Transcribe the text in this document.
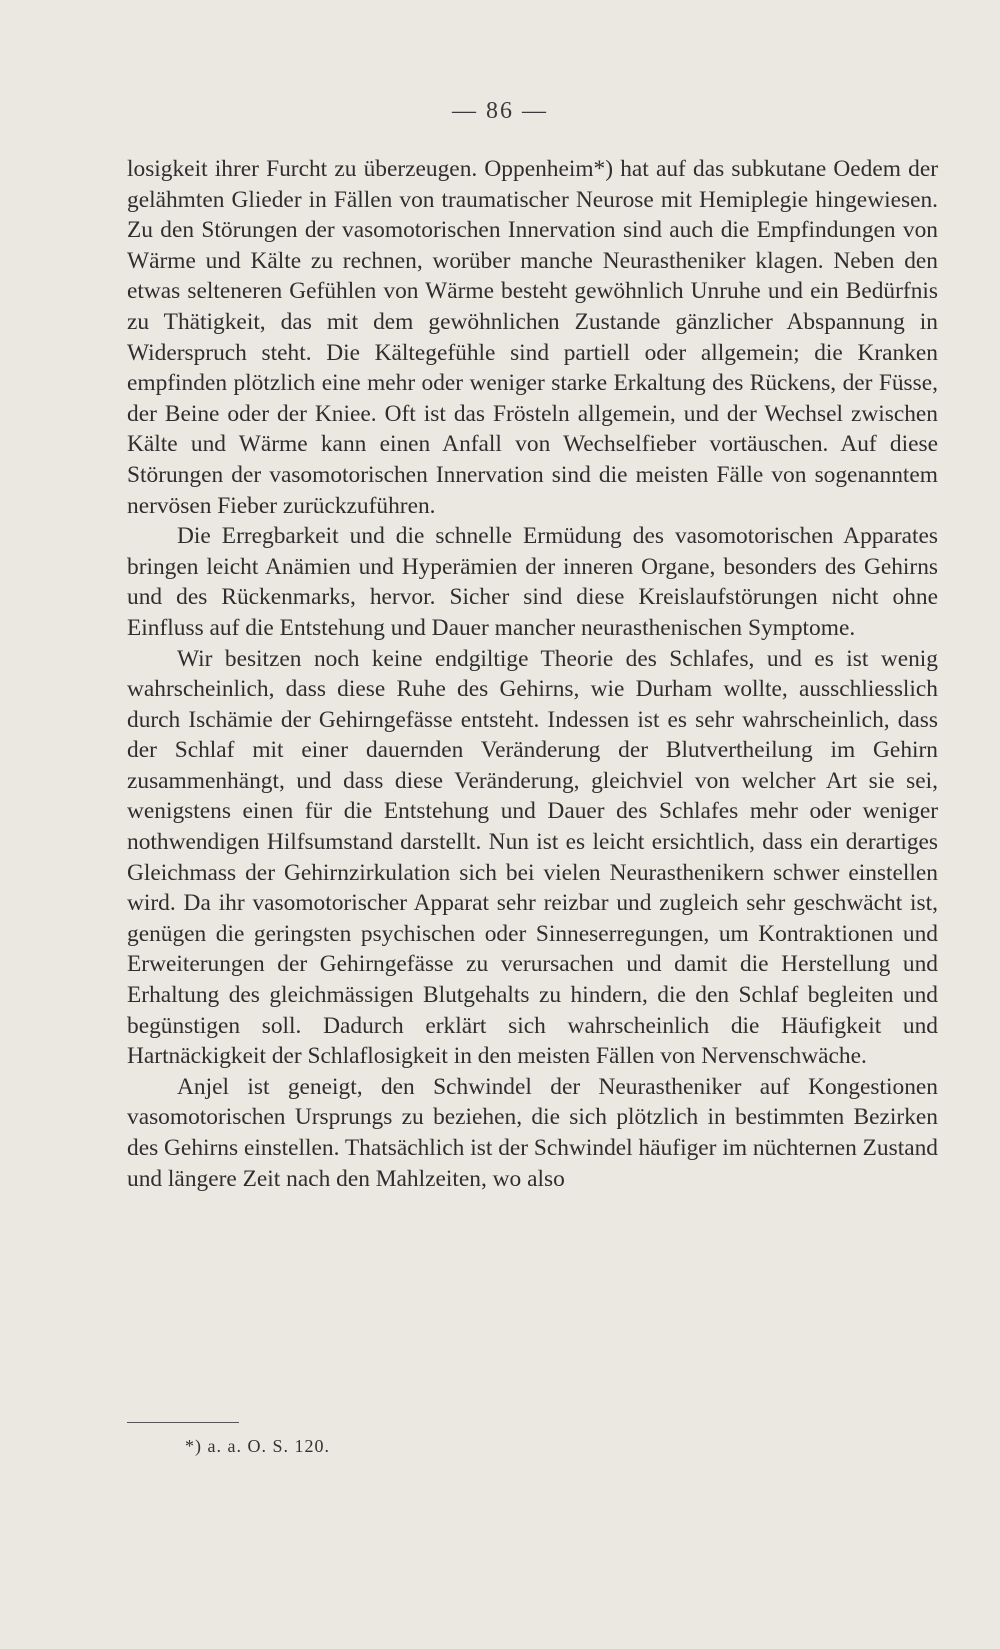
— 86 —

losigkeit ihrer Furcht zu überzeugen. Oppenheim*) hat auf das subkutane Oedem der gelähmten Glieder in Fällen von traumatischer Neurose mit Hemiplegie hingewiesen. Zu den Störungen der vasomotorischen Innervation sind auch die Empfindungen von Wärme und Kälte zu rechnen, worüber manche Neurastheniker klagen. Neben den etwas selteneren Gefühlen von Wärme besteht gewöhnlich Unruhe und ein Bedürfnis zu Thätigkeit, das mit dem gewöhnlichen Zustande gänzlicher Abspannung in Widerspruch steht. Die Kältegefühle sind partiell oder allgemein; die Kranken empfinden plötzlich eine mehr oder weniger starke Erkaltung des Rückens, der Füsse, der Beine oder der Kniee. Oft ist das Frösteln allgemein, und der Wechsel zwischen Kälte und Wärme kann einen Anfall von Wechselfieber vortäuschen. Auf diese Störungen der vasomotorischen Innervation sind die meisten Fälle von sogenanntem nervösen Fieber zurückzuführen.

Die Erregbarkeit und die schnelle Ermüdung des vasomotorischen Apparates bringen leicht Anämien und Hyperämien der inneren Organe, besonders des Gehirns und des Rückenmarks, hervor. Sicher sind diese Kreislaufstörungen nicht ohne Einfluss auf die Entstehung und Dauer mancher neurasthenischen Symptome.

Wir besitzen noch keine endgiltige Theorie des Schlafes, und es ist wenig wahrscheinlich, dass diese Ruhe des Gehirns, wie Durham wollte, ausschliesslich durch Ischämie der Gehirngefässe entsteht. Indessen ist es sehr wahrscheinlich, dass der Schlaf mit einer dauernden Veränderung der Blutvertheilung im Gehirn zusammenhängt, und dass diese Veränderung, gleichviel von welcher Art sie sei, wenigstens einen für die Entstehung und Dauer des Schlafes mehr oder weniger nothwendigen Hilfsumstand darstellt. Nun ist es leicht ersichtlich, dass ein derartiges Gleichmass der Gehirnzirkulation sich bei vielen Neurasthenikern schwer einstellen wird. Da ihr vasomotorischer Apparat sehr reizbar und zugleich sehr geschwächt ist, genügen die geringsten psychischen oder Sinneserregungen, um Kontraktionen und Erweiterungen der Gehirngefässe zu verursachen und damit die Herstellung und Erhaltung des gleichmässigen Blutgehalts zu hindern, die den Schlaf begleiten und begünstigen soll. Dadurch erklärt sich wahrscheinlich die Häufigkeit und Hartnäckigkeit der Schlaflosigkeit in den meisten Fällen von Nervenschwäche.

Anjel ist geneigt, den Schwindel der Neurastheniker auf Kongestionen vasomotorischen Ursprungs zu beziehen, die sich plötzlich in bestimmten Bezirken des Gehirns einstellen. Thatsächlich ist der Schwindel häufiger im nüchternen Zustand und längere Zeit nach den Mahlzeiten, wo also

*) a. a. O. S. 120.
